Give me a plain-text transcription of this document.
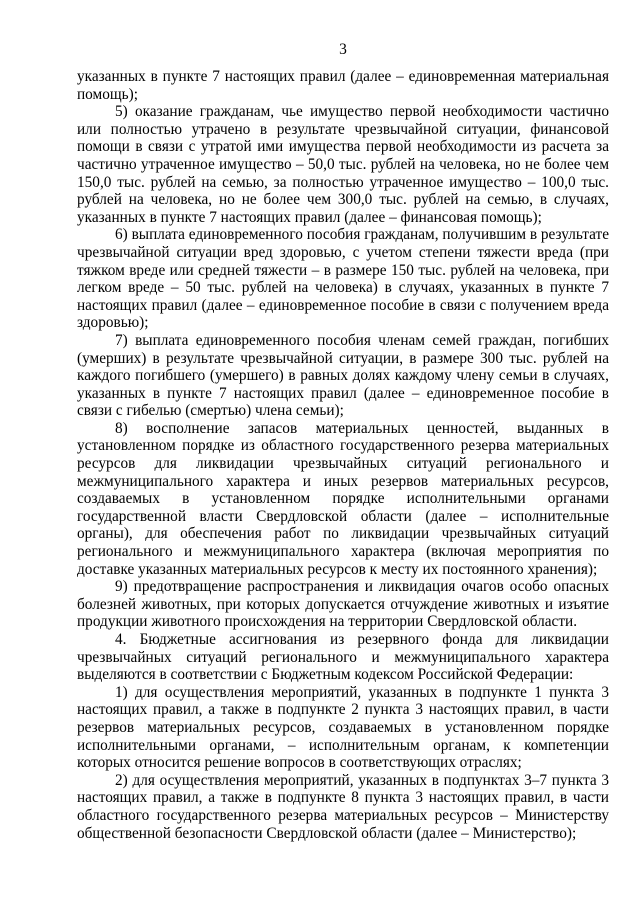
3

указанных в пункте 7 настоящих правил (далее – единовременная материальная помощь);

5) оказание гражданам, чье имущество первой необходимости частично или полностью утрачено в результате чрезвычайной ситуации, финансовой помощи в связи с утратой ими имущества первой необходимости из расчета за частично утраченное имущество – 50,0 тыс. рублей на человека, но не более чем 150,0 тыс. рублей на семью, за полностью утраченное имущество – 100,0 тыс. рублей на человека, но не более чем 300,0 тыс. рублей на семью, в случаях, указанных в пункте 7 настоящих правил (далее – финансовая помощь);

6) выплата единовременного пособия гражданам, получившим в результате чрезвычайной ситуации вред здоровью, с учетом степени тяжести вреда (при тяжком вреде или средней тяжести – в размере 150 тыс. рублей на человека, при легком вреде – 50 тыс. рублей на человека) в случаях, указанных в пункте 7 настоящих правил (далее – единовременное пособие в связи с получением вреда здоровью);

7) выплата единовременного пособия членам семей граждан, погибших (умерших) в результате чрезвычайной ситуации, в размере 300 тыс. рублей на каждого погибшего (умершего) в равных долях каждому члену семьи в случаях, указанных в пункте 7 настоящих правил (далее – единовременное пособие в связи с гибелью (смертью) члена семьи);

8) восполнение запасов материальных ценностей, выданных в установленном порядке из областного государственного резерва материальных ресурсов для ликвидации чрезвычайных ситуаций регионального и межмуниципального характера и иных резервов материальных ресурсов, создаваемых в установленном порядке исполнительными органами государственной власти Свердловской области (далее – исполнительные органы), для обеспечения работ по ликвидации чрезвычайных ситуаций регионального и межмуниципального характера (включая мероприятия по доставке указанных материальных ресурсов к месту их постоянного хранения);

9) предотвращение распространения и ликвидация очагов особо опасных болезней животных, при которых допускается отчуждение животных и изъятие продукции животного происхождения на территории Свердловской области.

4. Бюджетные ассигнования из резервного фонда для ликвидации чрезвычайных ситуаций регионального и межмуниципального характера выделяются в соответствии с Бюджетным кодексом Российской Федерации:

1) для осуществления мероприятий, указанных в подпункте 1 пункта 3 настоящих правил, а также в подпункте 2 пункта 3 настоящих правил, в части резервов материальных ресурсов, создаваемых в установленном порядке исполнительными органами, – исполнительным органам, к компетенции которых относится решение вопросов в соответствующих отраслях;

2) для осуществления мероприятий, указанных в подпунктах 3–7 пункта 3 настоящих правил, а также в подпункте 8 пункта 3 настоящих правил, в части областного государственного резерва материальных ресурсов – Министерству общественной безопасности Свердловской области (далее – Министерство);
